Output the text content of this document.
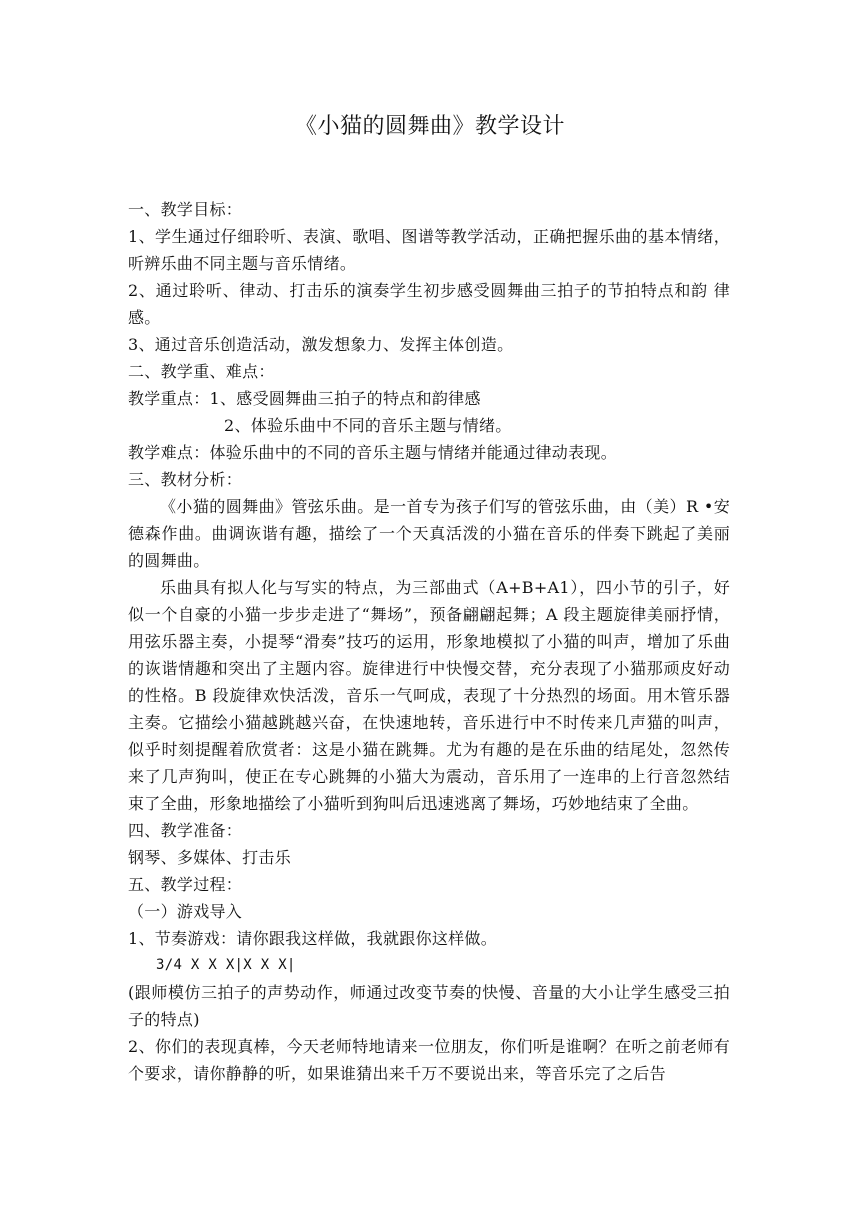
《小猫的圆舞曲》教学设计

一、教学目标：

1、学生通过仔细聆听、表演、歌唱、图谱等教学活动，正确把握乐曲的基本情绪，听辨乐曲不同主题与音乐情绪。

2、通过聆听、律动、打击乐的演奏学生初步感受圆舞曲三拍子的节拍特点和韵 律感。

3、通过音乐创造活动，激发想象力、发挥主体创造。

二、教学重、难点：

教学重点：1、感受圆舞曲三拍子的特点和韵律感

2、体验乐曲中不同的音乐主题与情绪。

教学难点：体验乐曲中的不同的音乐主题与情绪并能通过律动表现。

三、教材分析：

《小猫的圆舞曲》管弦乐曲。是一首专为孩子们写的管弦乐曲，由（美）R •安德森作曲。曲调诙谐有趣，描绘了一个天真活泼的小猫在音乐的伴奏下跳起了美丽的圆舞曲。

乐曲具有拟人化与写实的特点，为三部曲式（A+B+A1），四小节的引子，好似一个自豪的小猫一步步走进了“舞场”，预备翩翩起舞；A 段主题旋律美丽抒情，用弦乐器主奏，小提琴“滑奏”技巧的运用，形象地模拟了小猫的叫声，增加了乐曲的诙谐情趣和突出了主题内容。旋律进行中快慢交替，充分表现了小猫那顽皮好动的性格。B 段旋律欢快活泼，音乐一气呵成，表现了十分热烈的场面。用木管乐器主奏。它描绘小猫越跳越兴奋，在快速地转，音乐进行中不时传来几声猫的叫声，似乎时刻提醒着欣赏者：这是小猫在跳舞。尤为有趣的是在乐曲的结尾处，忽然传来了几声狗叫，使正在专心跳舞的小猫大为震动，音乐用了一连串的上行音忽然结束了全曲，形象地描绘了小猫听到狗叫后迅速逃离了舞场，巧妙地结束了全曲。

四、教学准备：

钢琴、多媒体、打击乐

五、教学过程：

（一）游戏导入

1、节奏游戏：请你跟我这样做，我就跟你这样做。

3/4 X X X|X X X|

(跟师模仿三拍子的声势动作，师通过改变节奏的快慢、音量的大小让学生感受三拍子的特点)

2、你们的表现真棒，今天老师特地请来一位朋友，你们听是谁啊？在听之前老师有个要求，请你静静的听，如果谁猜出来千万不要说出来，等音乐完了之后告
